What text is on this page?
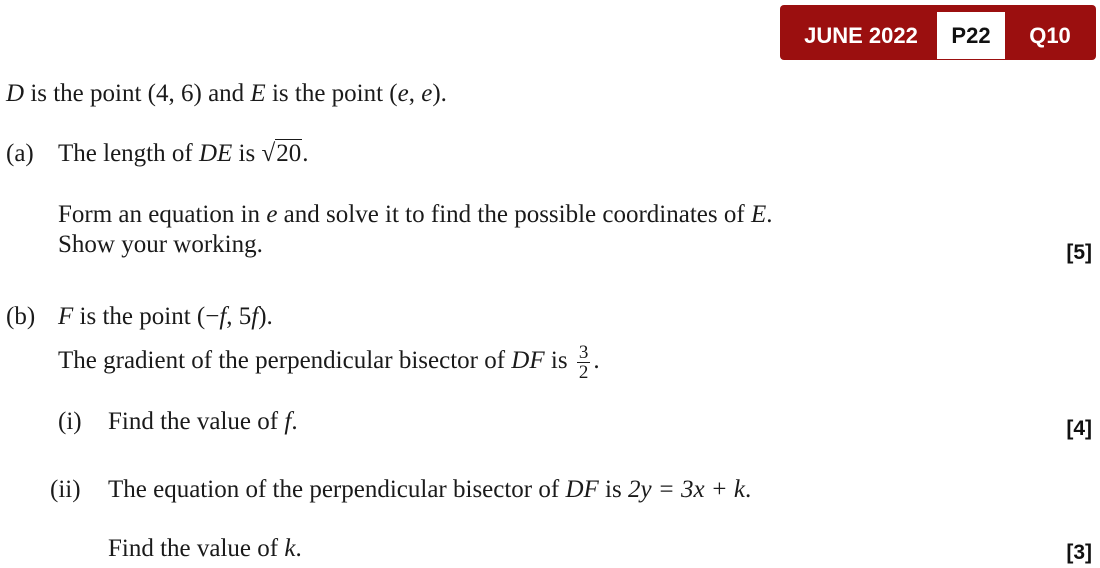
JUNE 2022	P22	Q10
D is the point (4, 6) and E is the point (e, e).
(a) The length of DE is √20.
Form an equation in e and solve it to find the possible coordinates of E.
Show your working.	[5]
(b) F is the point (−f, 5f).
The gradient of the perpendicular bisector of DF is $\frac{3}{2}$ .
(i) Find the value of f.	[4]
(ii) The equation of the perpendicular bisector of DF is 2y = 3x + k.
Find the value of k.	[3]
